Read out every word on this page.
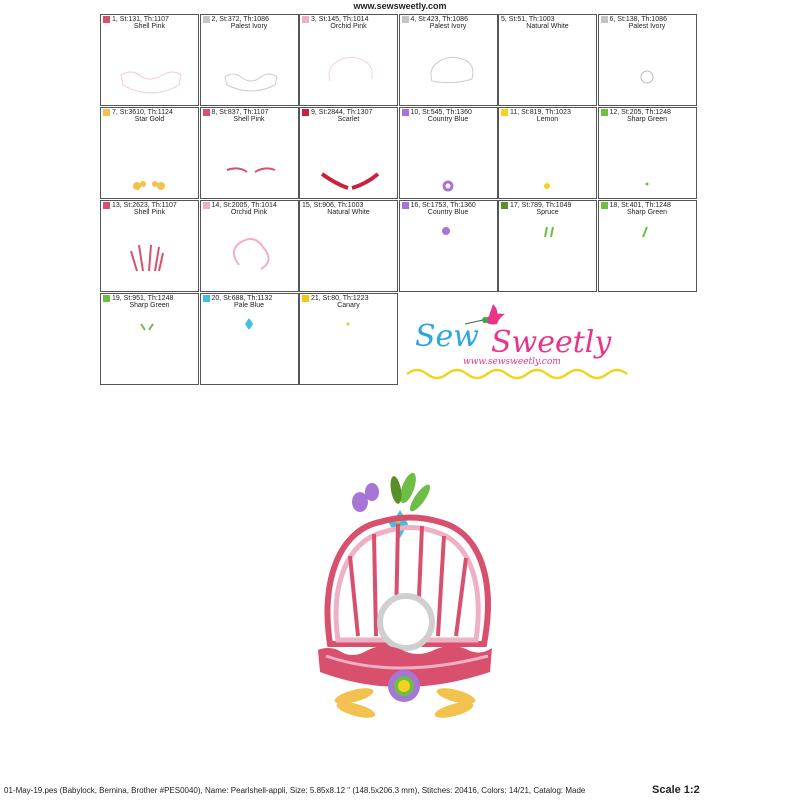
www.sewsweetly.com
1, St:131, Th:1107
Shell Pink
2, St:372, Th:1086
Palest Ivory
3, St:145, Th:1014
Orchid Pink
4, St:423, Th:1086
Palest Ivory
5, St:51, Th:1003
Natural White
6, St:138, Th:1086
Palest Ivory
7, St:3610, Th:1124
Star Gold
8, St:837, Th:1107
Shell Pink
9, St:2844, Th:1307
Scarlet
10, St:545, Th:1360
Country Blue
11, St:819, Th:1023
Lemon
12, St:205, Th:1248
Sharp Green
13, St:2623, Th:1107
Shell Pink
14, St:2005, Th:1014
Orchid Pink
15, St:906, Th:1003
Natural White
16, St:1753, Th:1360
Country Blue
17, St:789, Th:1049
Spruce
18, St:401, Th:1248
Sharp Green
19, St:951, Th:1248
Sharp Green
20, St:688, Th:1132
Pale Blue
21, St:80, Th:1223
Canary
Sew Sweetly
www.sewsweetly.com
01-May-19.pes (Babylock, Bernina, Brother #PES0040), Name: Pearlshell-appli, Size: 5.85x8.12 " (148.5x206.3 mm), Stitches: 20416, Colors: 14/21, Catalog: Made	Scale 1:2
